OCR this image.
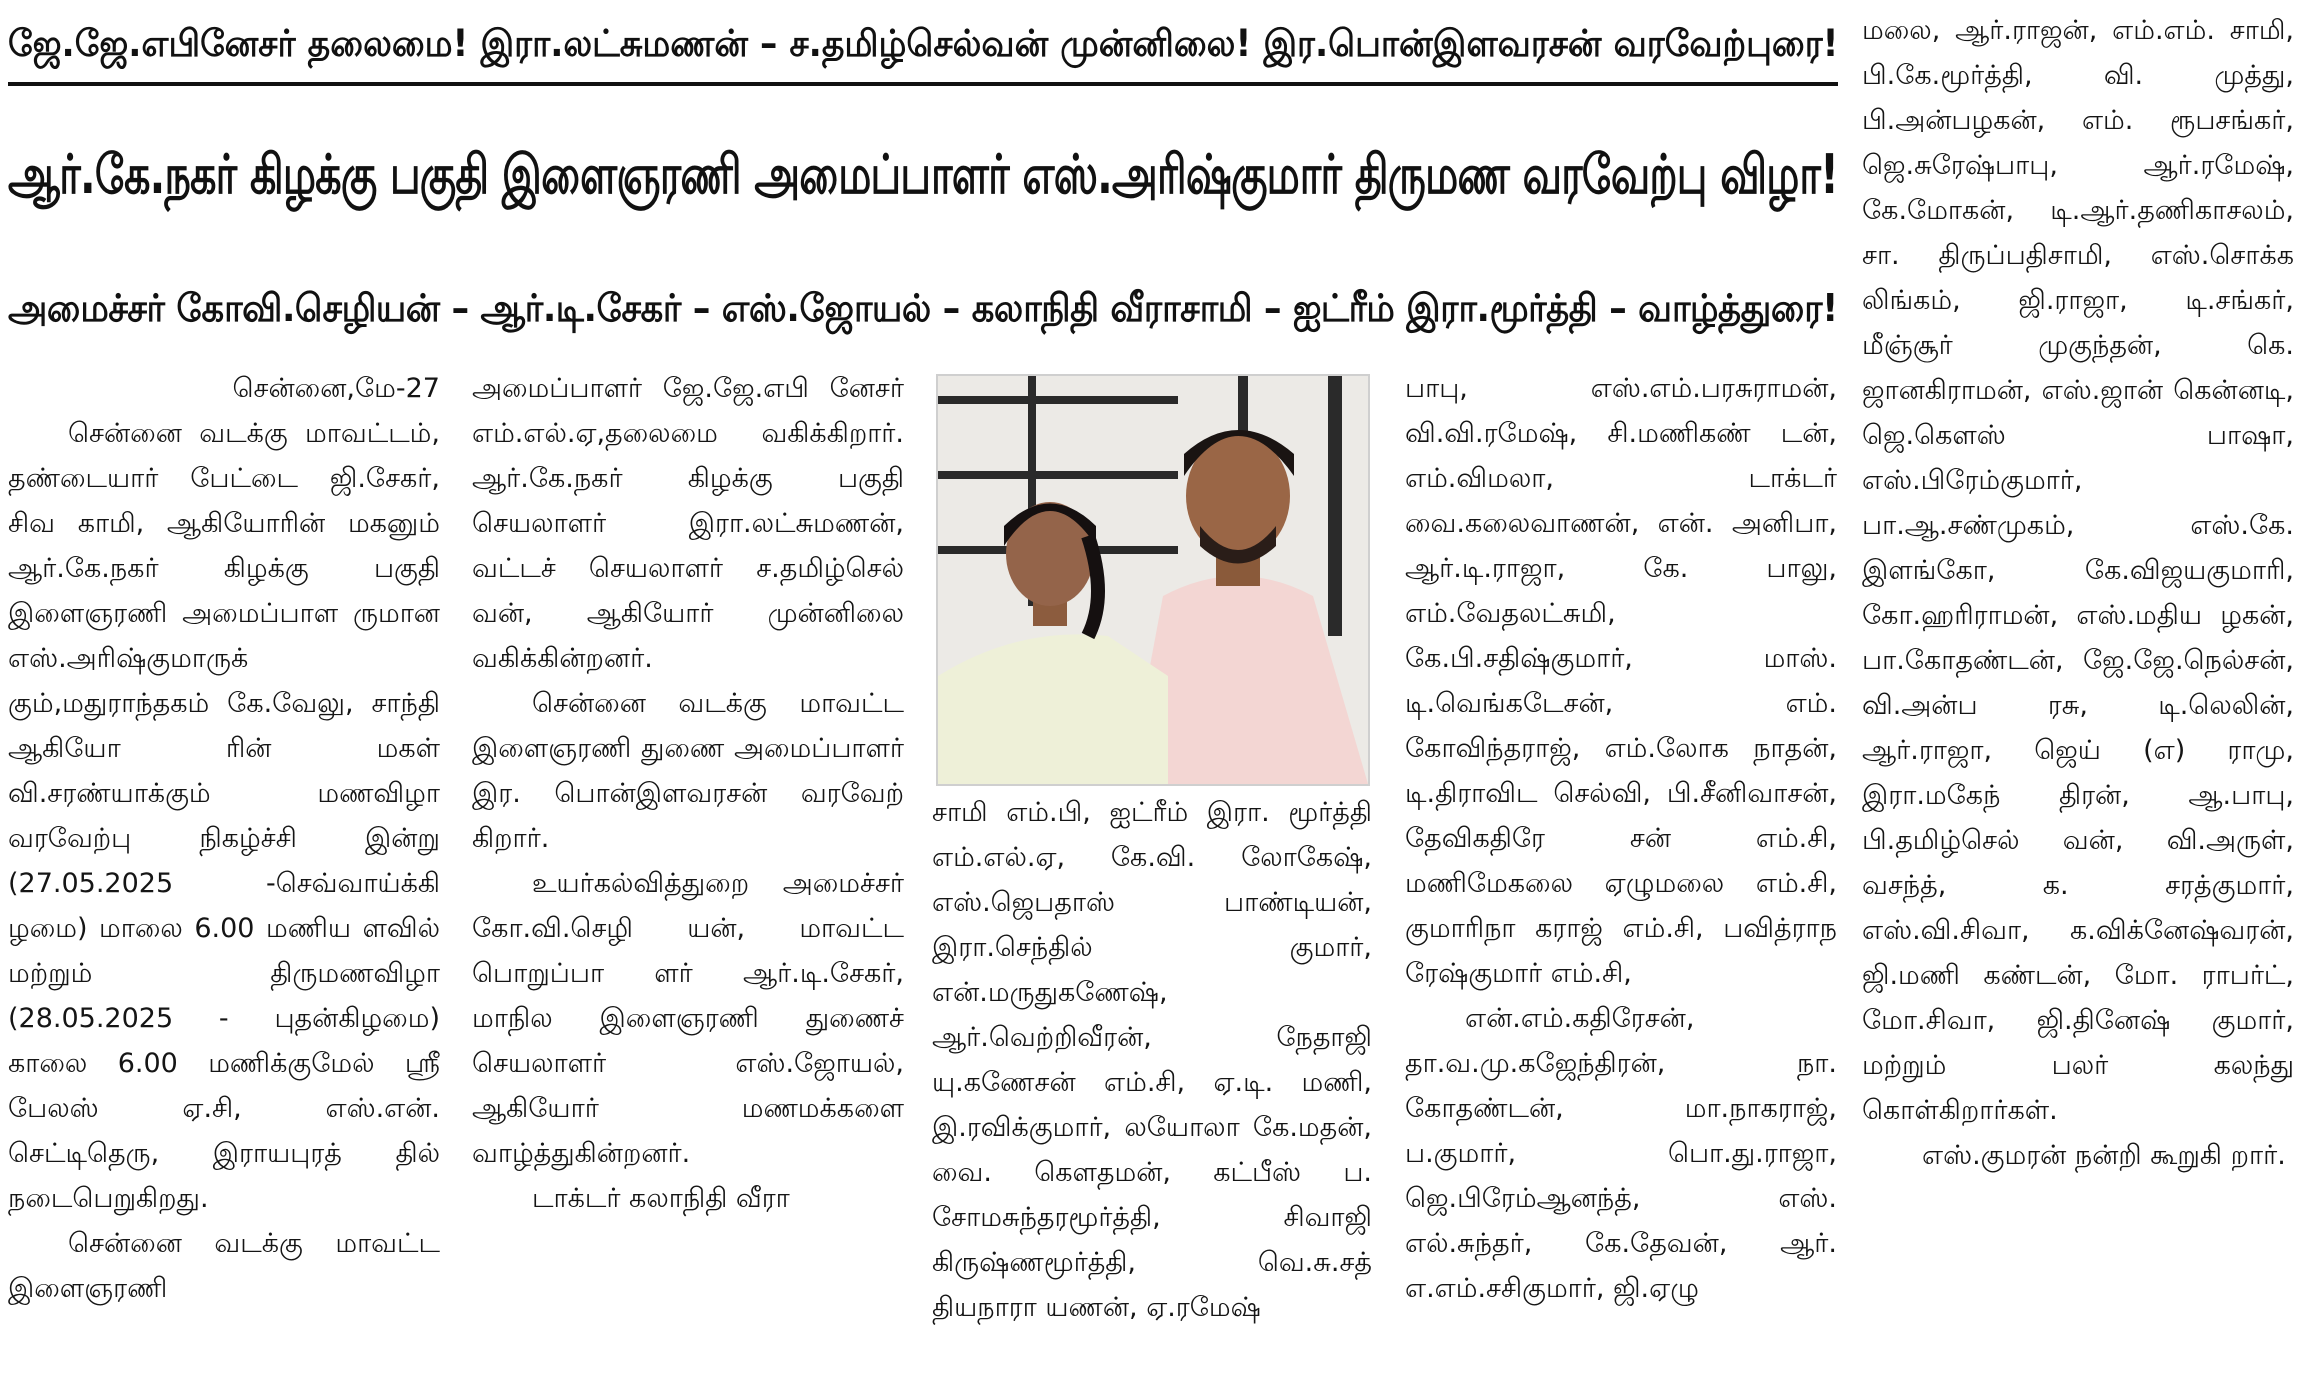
ஜே.ஜே.எபினேசர் தலைமை! இரா.லட்சுமணன் – ச.தமிழ்செல்வன் முன்னிலை! இர.பொன்இளவரசன் வரவேற்புரை!
ஆர்.கே.நகர் கிழக்கு பகுதி இளைஞரணி அமைப்பாளர் எஸ்.அரிஷ்குமார் திருமண வரவேற்பு விழா!
அமைச்சர் கோவி.செழியன் – ஆர்.டி.சேகர் – எஸ்.ஜோயல் – கலாநிதி வீராசாமி – ஐட்ரீம் இரா.மூர்த்தி – வாழ்த்துரை!

சென்னை,மே-27

சென்னை வடக்கு மாவட்டம், தண்டையார் பேட்டை ஜி.சேகர், சிவ காமி, ஆகியோரின் மகனும் ஆர்.கே.நகர் கிழக்கு பகுதி இளைஞரணி அமைப்பாள ருமான எஸ்.அரிஷ்குமாருக் கும்,மதுராந்தகம் கே.வேலு, சாந்தி ஆகியோ ரின் மகள் வி.சரண்யாக்கும் மணவிழா வரவேற்பு நிகழ்ச்சி இன்று (27.05.2025 -செவ்வாய்க்கி ழமை) மாலை 6.00 மணிய ளவில் மற்றும் திருமணவிழா (28.05.2025 - புதன்கிழமை) காலை 6.00 மணிக்குமேல் ஸ்ரீ பேலஸ் ஏ.சி, எஸ்.என். செட்டிதெரு, இராயபுரத் தில் நடைபெறுகிறது.

சென்னை வடக்கு மாவட்ட இளைஞரணி

அமைப்பாளர் ஜே.ஜே.எபி னேசர் எம்.எல்.ஏ,தலைமை வகிக்கிறார். ஆர்.கே.நகர் கிழக்கு பகுதி செயலாளர் இரா.லட்சுமணன், வட்டச் செயலாளர் ச.தமிழ்செல் வன், ஆகியோர் முன்னிலை வகிக்கின்றனர்.

சென்னை வடக்கு மாவட்ட இளைஞரணி துணை அமைப்பாளர் இர. பொன்இளவரசன் வரவேற் கிறார்.

உயர்கல்வித்துறை அமைச்சர் கோ.வி.செழி யன், மாவட்ட பொறுப்பா ளர் ஆர்.டி.சேகர், மாநில இளைஞரணி துணைச் செயலாளர் எஸ்.ஜோயல், ஆகியோர் மணமக்களை வாழ்த்துகின்றனர்.

டாக்டர் கலாநிதி வீரா

சாமி எம்.பி, ஐட்ரீம் இரா. மூர்த்தி எம்.எல்.ஏ, கே.வி. லோகேஷ், எஸ்.ஜெபதாஸ் பாண்டியன், இரா.செந்தில் குமார், என்.மருதுகணேஷ், ஆர்.வெற்றிவீரன், நேதாஜி யு.கணேசன் எம்.சி, ஏ.டி. மணி, இ.ரவிக்குமார், லயோலா கே.மதன், வை. கௌதமன், கட்பீஸ் ப. சோமசுந்தரமூர்த்தி, சிவாஜி கிருஷ்ணமூர்த்தி, வெ.சு.சத் தியநாரா யணன், ஏ.ரமேஷ்

பாபு, எஸ்.எம்.பரசுராமன், வி.வி.ரமேஷ், சி.மணிகண் டன், எம்.விமலா, டாக்டர் வை.கலைவாணன், என். அனிபா, ஆர்.டி.ராஜா, கே. பாலு, எம்.வேதலட்சுமி, கே.பி.சதிஷ்குமார், மாஸ். டி.வெங்கடேசன், எம். கோவிந்தராஜ், எம்.லோக நாதன், டி.திராவிட செல்வி, பி.சீனிவாசன், தேவிகதிரே சன் எம்.சி, மணிமேகலை ஏழுமலை எம்.சி, குமாரிநா கராஜ் எம்.சி, பவித்ராந ரேஷ்குமார் எம்.சி,

என்.எம்.கதிரேசன், தா.வ.மு.கஜேந்திரன், நா. கோதண்டன், மா.நாகராஜ், ப.குமார், பொ.து.ராஜா, ஜெ.பிரேம்ஆனந்த், எஸ். எல்.சுந்தர், கே.தேவன், ஆர். எ.எம்.சசிகுமார், ஜி.ஏழு

மலை, ஆர்.ராஜன், எம்.எம். சாமி, பி.கே.மூர்த்தி, வி. முத்து, பி.அன்பழகன், எம். ரூபசங்கர், ஜெ.சுரேஷ்பாபு, ஆர்.ரமேஷ், கே.மோகன், டி.ஆர்.தணிகாசலம், சா. திருப்பதிசாமி, எஸ்.சொக்க லிங்கம், ஜி.ராஜா, டி.சங்கர், மீஞ்சூர் முகுந்தன், கெ. ஜானகிராமன், எஸ்.ஜான் கென்னடி, ஜெ.கௌஸ் பாஷா, எஸ்.பிரேம்குமார், பா.ஆ.சண்முகம், எஸ்.கே. இளங்கோ, கே.விஜயகுமாரி, கோ.ஹரிராமன், எஸ்.மதிய ழகன், பா.கோதண்டன், ஜே.ஜே.நெல்சன், வி.அன்ப ரசு, டி.லெலின், ஆர்.ராஜா, ஜெய் (எ) ராமு, இரா.மகேந் திரன், ஆ.பாபு, பி.தமிழ்செல் வன், வி.அருள், வசந்த், க. சரத்குமார், எஸ்.வி.சிவா, க.விக்னேஷ்வரன், ஜி.மணி கண்டன், மோ. ராபர்ட், மோ.சிவா, ஜி.தினேஷ் குமார், மற்றும் பலர் கலந்து கொள்கிறார்கள்.

எஸ்.குமரன் நன்றி கூறுகி றார்.
